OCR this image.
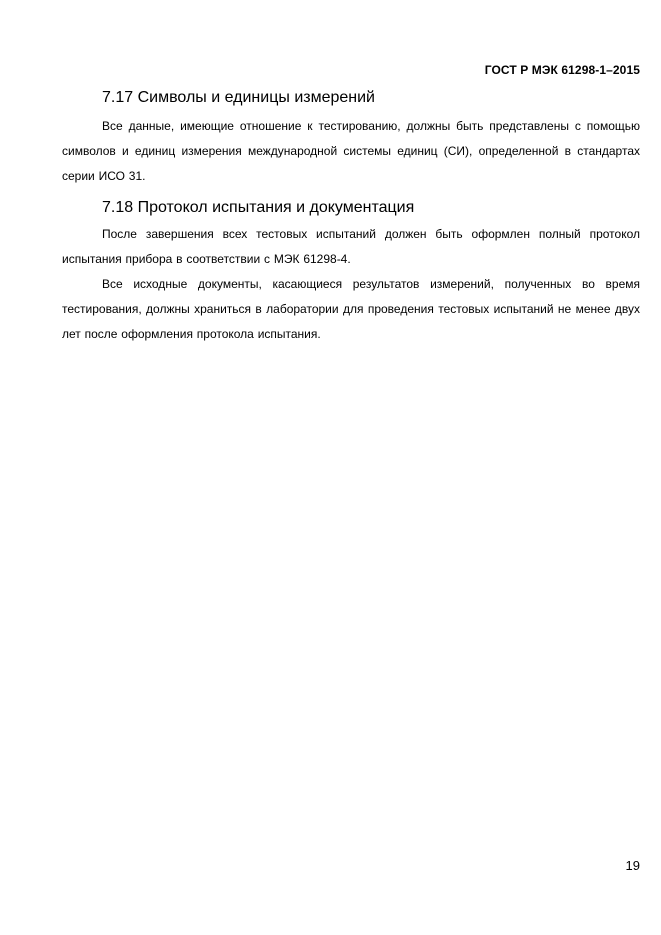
ГОСТ Р МЭК 61298-1–2015
7.17 Символы и единицы измерений

Все данные, имеющие отношение к тестированию, должны быть представлены с помощью символов и единиц измерения международной системы единиц (СИ), определенной в стандартах серии ИСО 31.

7.18 Протокол испытания и документация

После завершения всех тестовых испытаний должен быть оформлен полный протокол испытания прибора в соответствии с МЭК 61298-4.

Все исходные документы, касающиеся результатов измерений, полученных во время тестирования, должны храниться в лаборатории для проведения тестовых испытаний не менее двух лет после оформления протокола испытания.

19
